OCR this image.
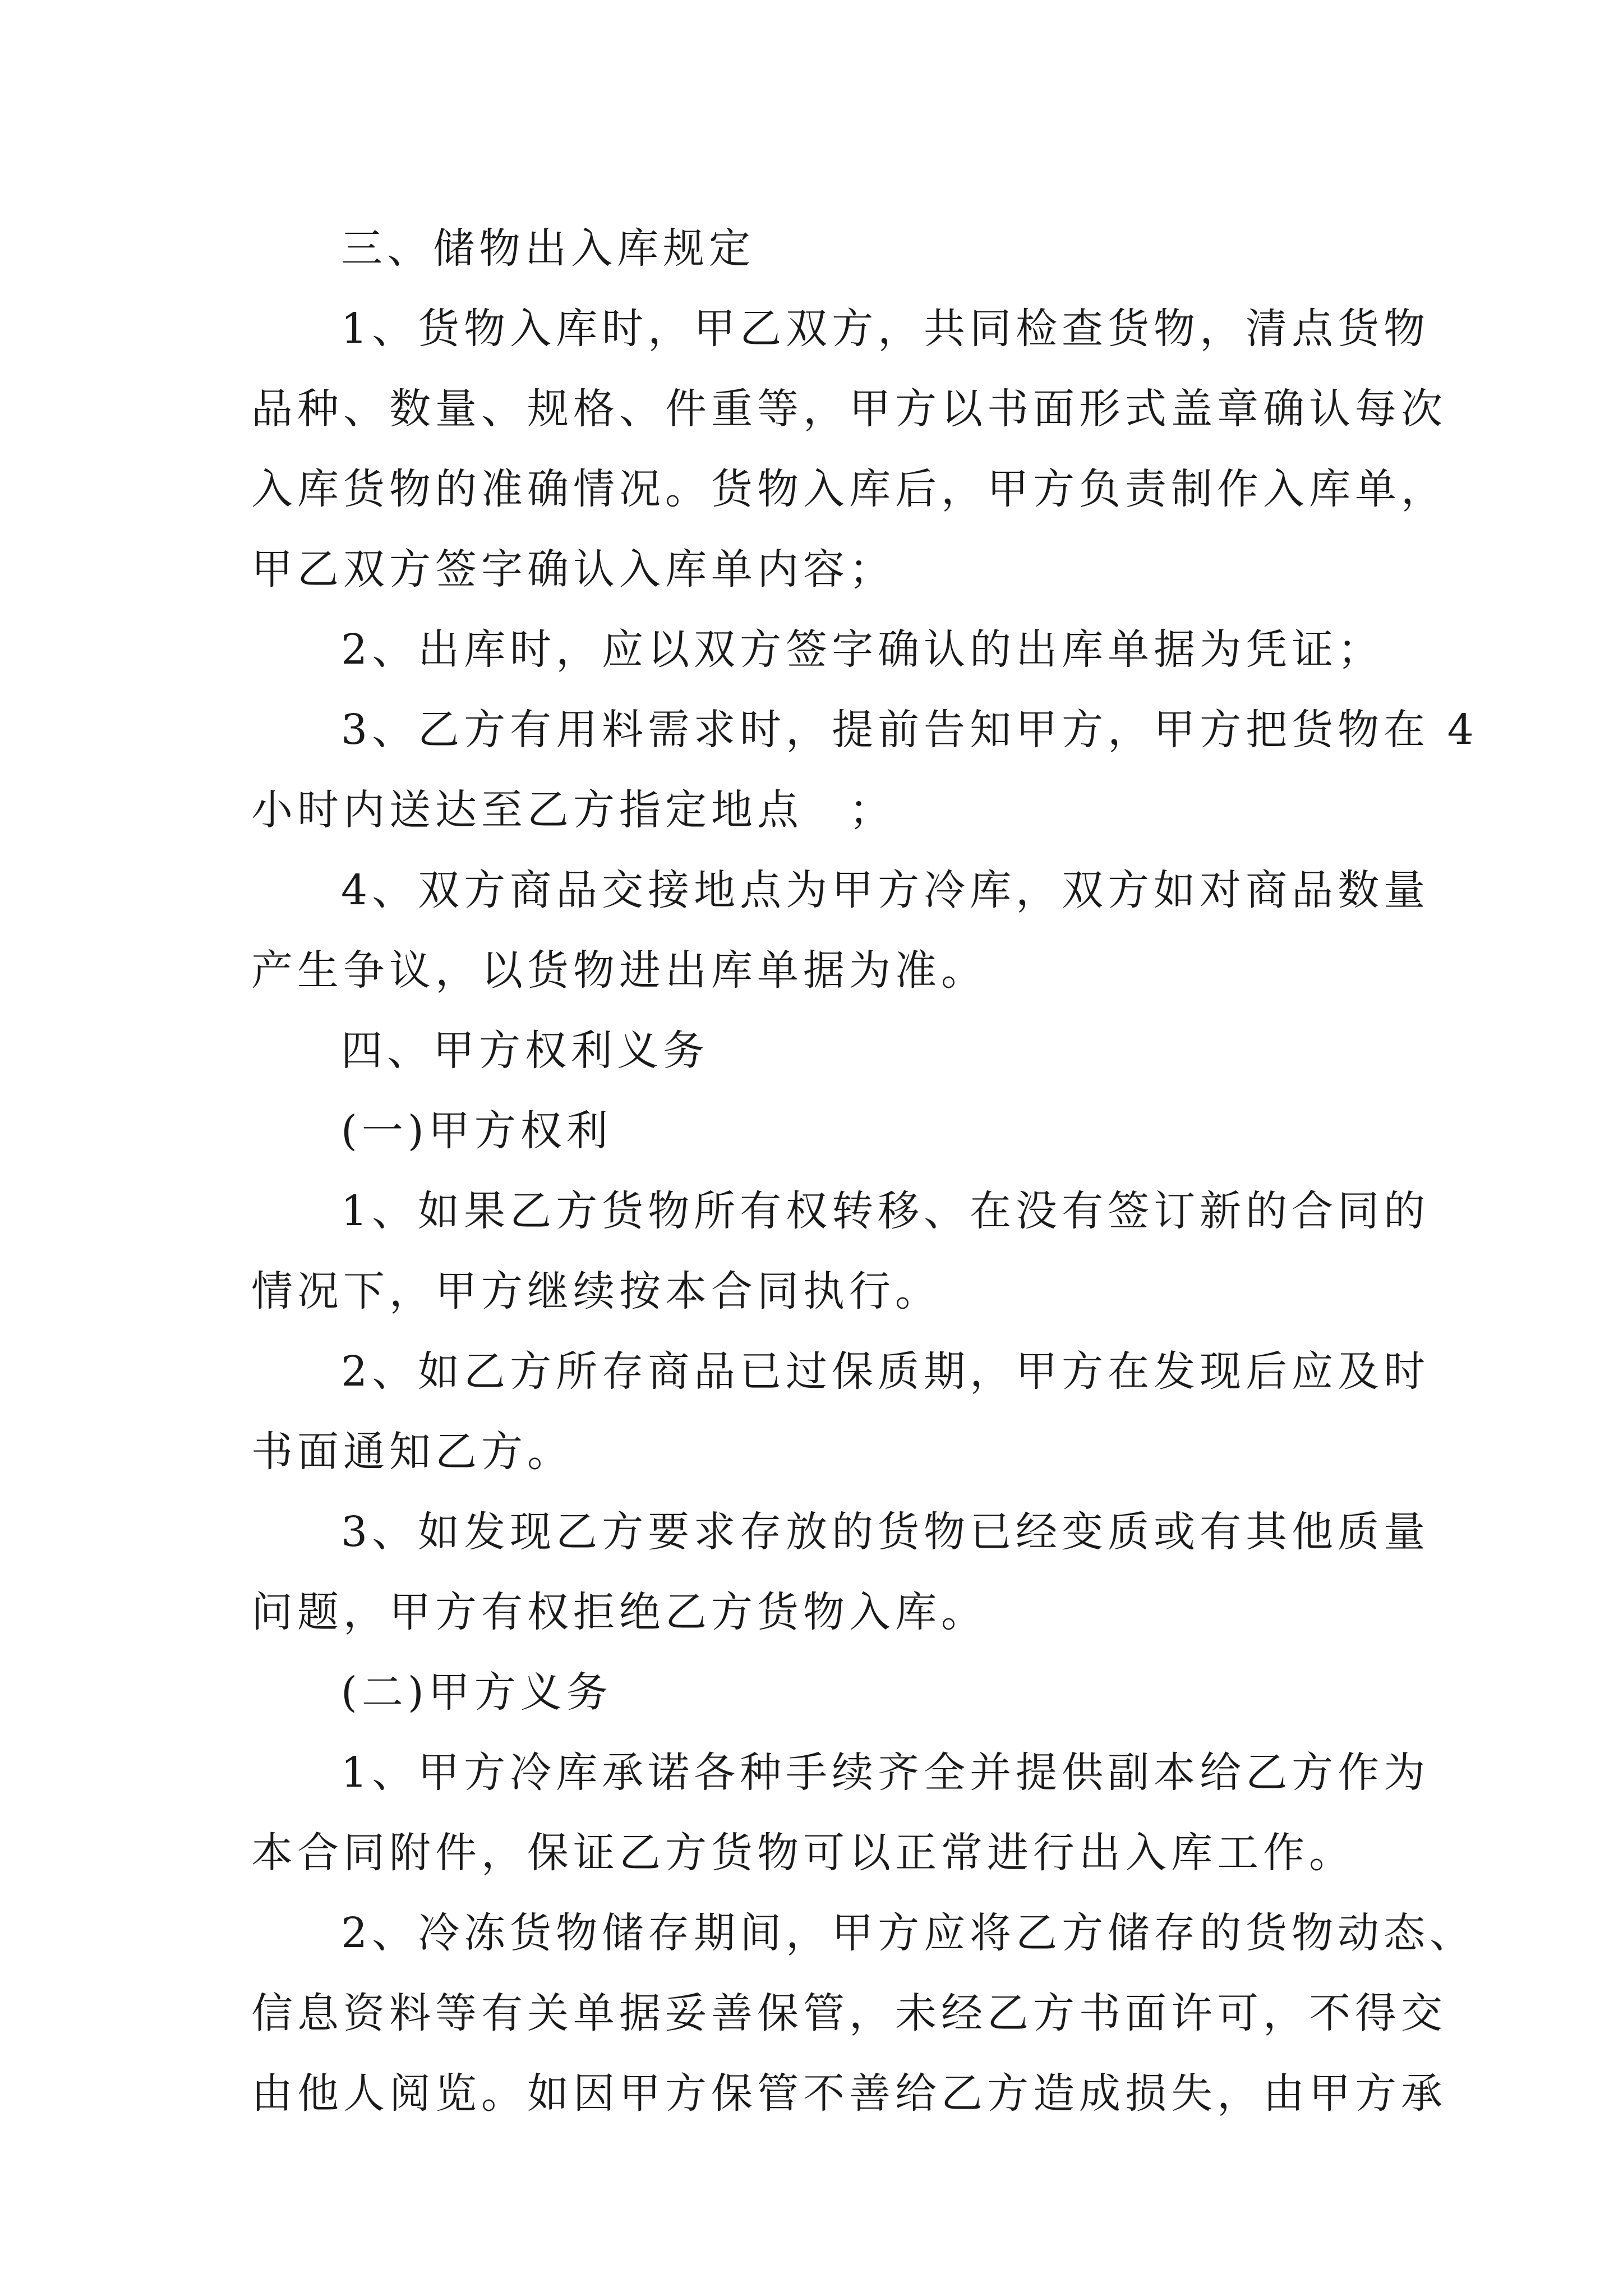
三、储物出入库规定
1、货物入库时，甲乙双方，共同检查货物，清点货物
品种、数量、规格、件重等，甲方以书面形式盖章确认每次
入库货物的准确情况。货物入库后，甲方负责制作入库单，
甲乙双方签字确认入库单内容；
2、出库时，应以双方签字确认的出库单据为凭证；
3、乙方有用料需求时，提前告知甲方，甲方把货物在 4
小时内送达至乙方指定地点　；
4、双方商品交接地点为甲方冷库，双方如对商品数量
产生争议，以货物进出库单据为准。
四、甲方权利义务
(一)甲方权利
1、如果乙方货物所有权转移、在没有签订新的合同的
情况下，甲方继续按本合同执行。
2、如乙方所存商品已过保质期，甲方在发现后应及时
书面通知乙方。
3、如发现乙方要求存放的货物已经变质或有其他质量
问题，甲方有权拒绝乙方货物入库。
(二)甲方义务
1、甲方冷库承诺各种手续齐全并提供副本给乙方作为
本合同附件，保证乙方货物可以正常进行出入库工作。
2、冷冻货物储存期间，甲方应将乙方储存的货物动态、
信息资料等有关单据妥善保管，未经乙方书面许可，不得交
由他人阅览。如因甲方保管不善给乙方造成损失，由甲方承
